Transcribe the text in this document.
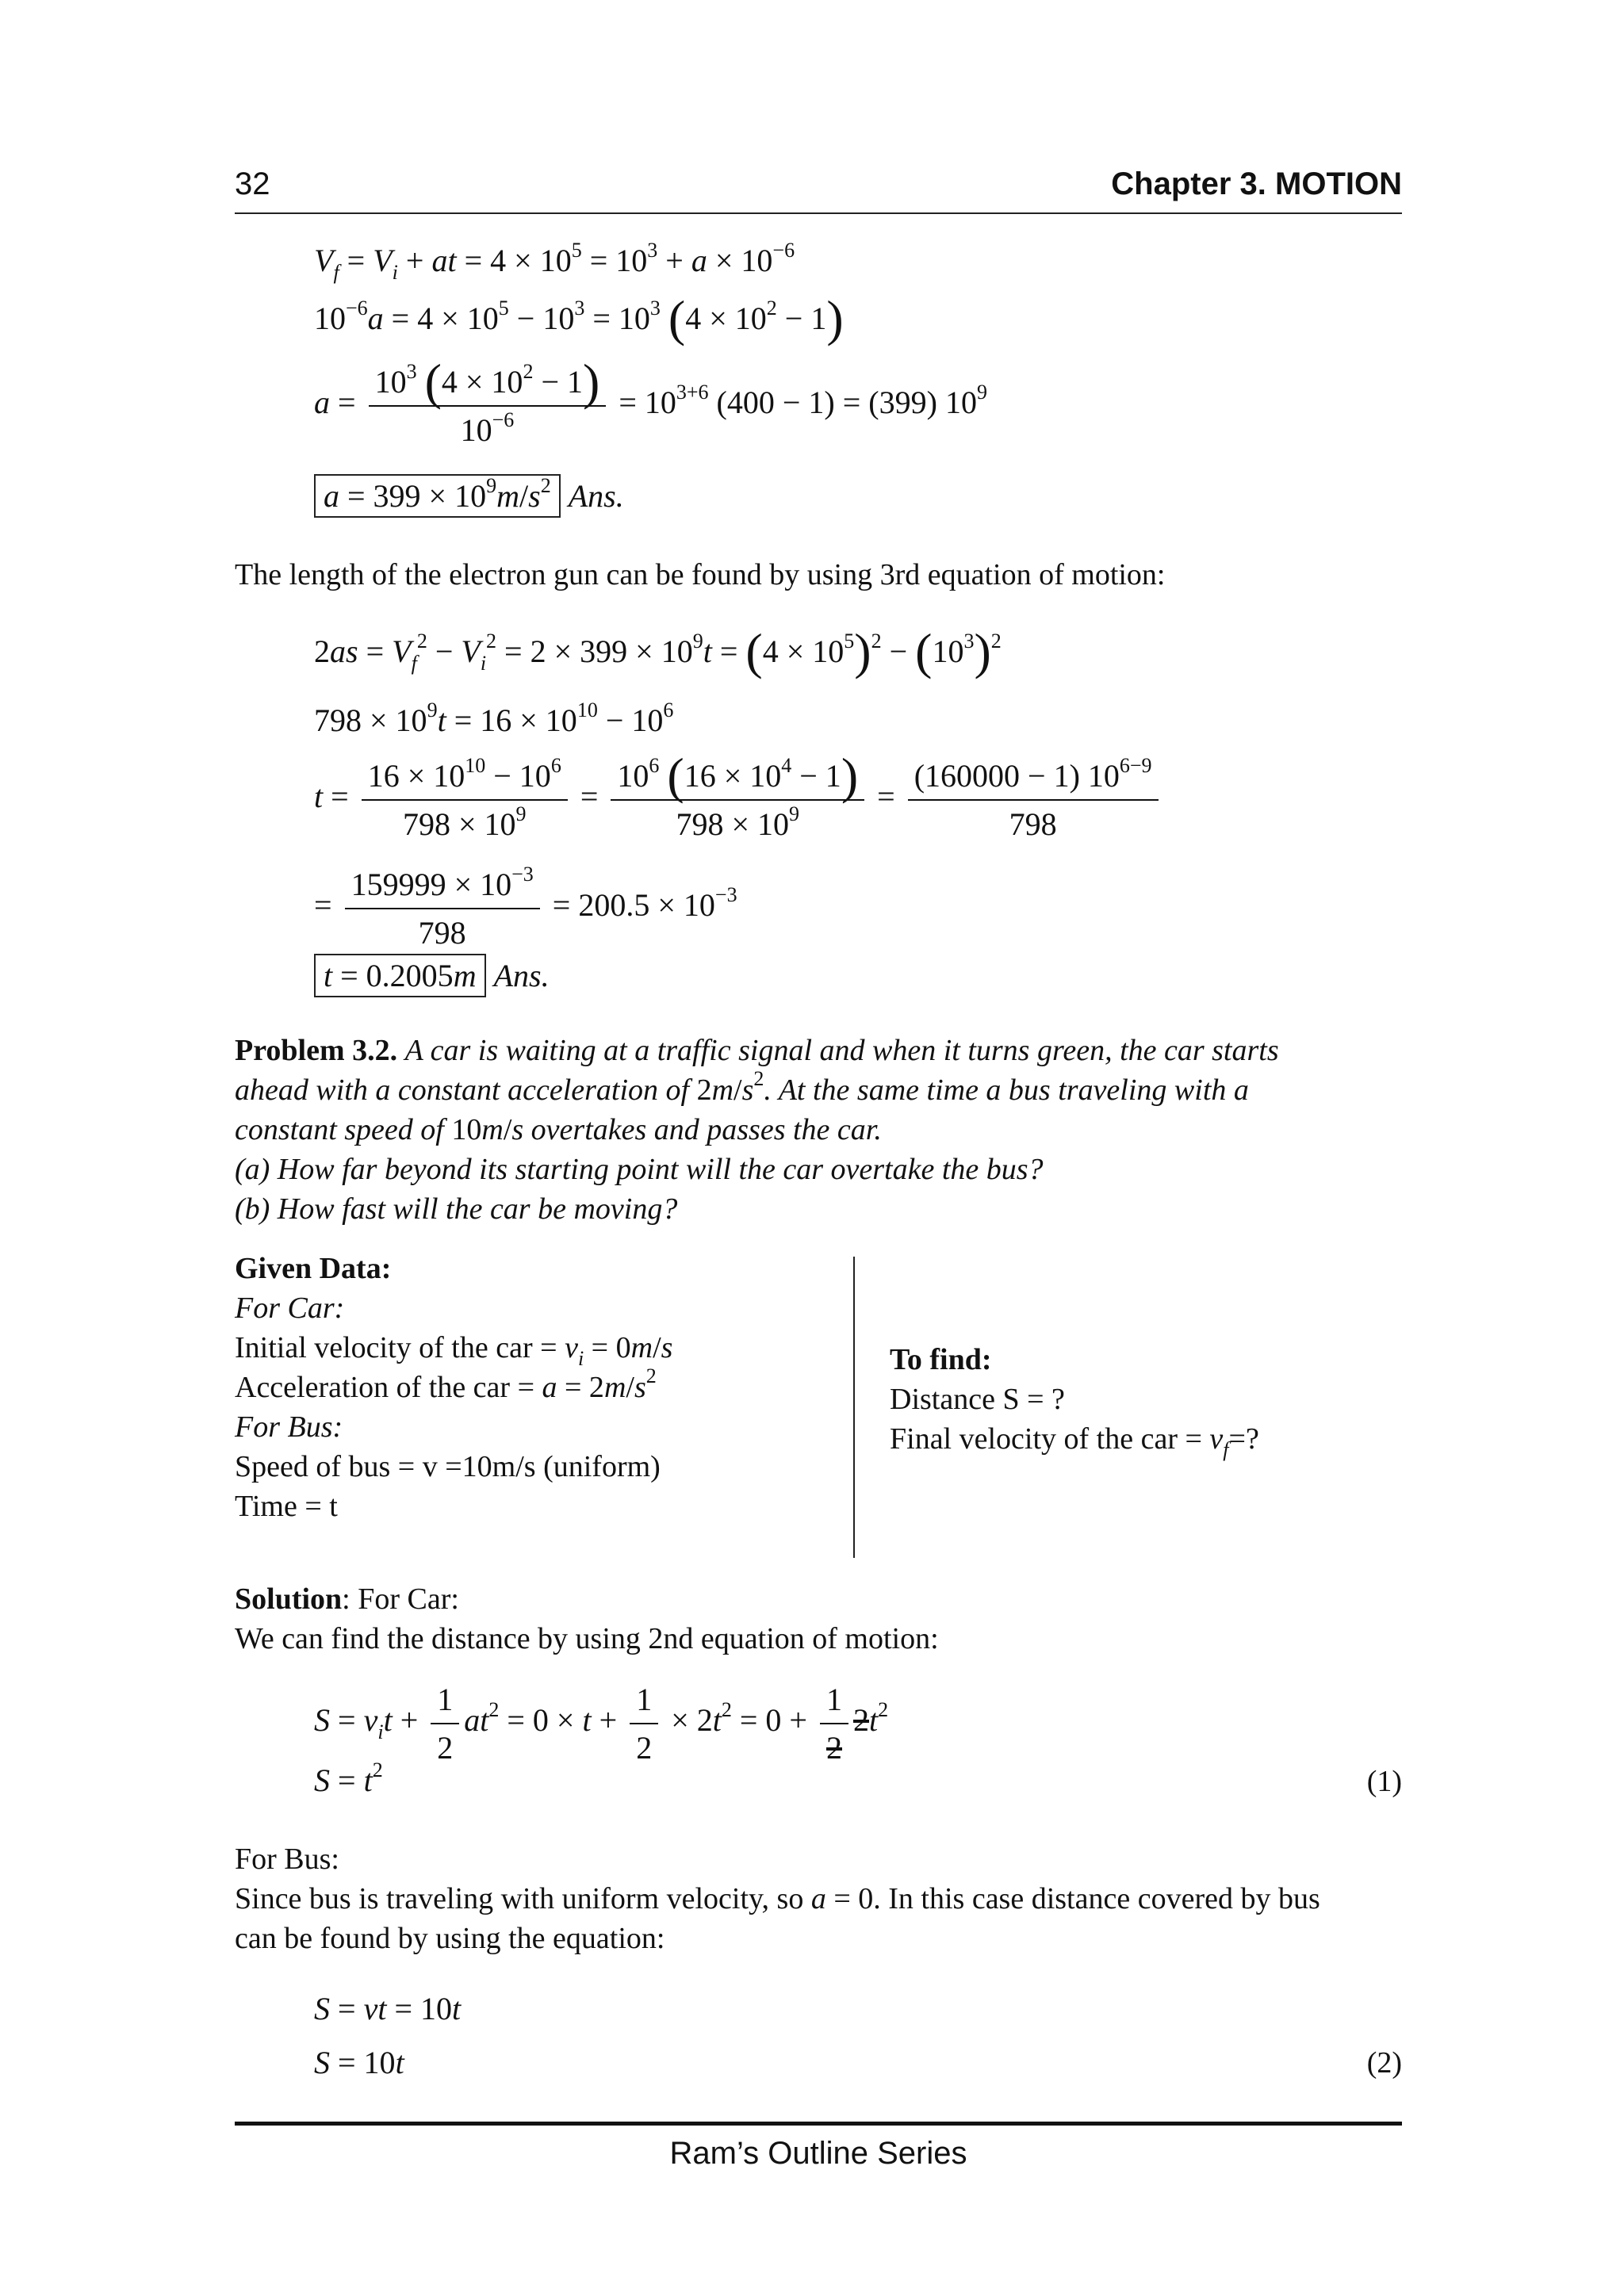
32	Chapter 3. MOTION
$V_f = V_i$ + at = $4 \times 10^5 = 10^3 + a \times 10^{-6}$
$10^{-6}a = 4 \times 10^5 - 10^3 = 10^3$ $(4 \times 10^2 - 1)$
$a = \frac{10^3 (4 \times 10^2 - 1)}{10^{-6}} = 10^{3+6}$ (400 − 1) = (399) $10^9$
$a = 399 \times 10^9m/s^2$ Ans.
The length of the electron gun can be found by using 3rd equation of motion:
$2as = V_f^2 - V_i^2 = 2 \times 399 \times 10^9t = (4 \times 10^5)^2 - (10^3)^2$
$798 \times 10^9t = 16 \times 10^{10} - 10^6$
$t = \frac{16 \times 10^{10} - 10^6}{798 \times 10^9} = \frac{10^6 (16 \times 10^4 - 1)}{798 \times 10^9} = \frac{(160000 - 1) 10^{6-9}}{798}$
= $\frac{159999 \times 10^{-3}}{798} = 200.5 \times 10^{-3}$
t = 0.2005m Ans.
Problem 3.2. A car is waiting at a traffic signal and when it turns green, the car starts
ahead with a constant acceleration of $2m/s^2$. At the same time a bus traveling with a
constant speed of 10m/s overtakes and passes the car.
(a) How far beyond its starting point will the car overtake the bus?
(b) How fast will the car be moving?
Given Data:
For Car:
Initial velocity of the car = $v_i = 0m/s$
Acceleration of the car = $a = 2m/s^2$
For Bus:
Speed of bus = v =10m/s (uniform)
Time = t
To find:
Distance S = ?
Final velocity of the car = $v_f=$?
Solution: For Car:
We can find the distance by using 2nd equation of motion:
$S = v_it + \frac{1}{2} at^2 = 0 \times t + \frac{1}{2} \times 2t^2 = 0 + \frac{1}{2} 2t^2$
$S = t^2$	(1)
For Bus:
Since bus is traveling with uniform velocity, so a = 0. In this case distance covered by bus
can be found by using the equation:
S = vt = 10t
S = 10t	(2)
Ram’s Outline Series
